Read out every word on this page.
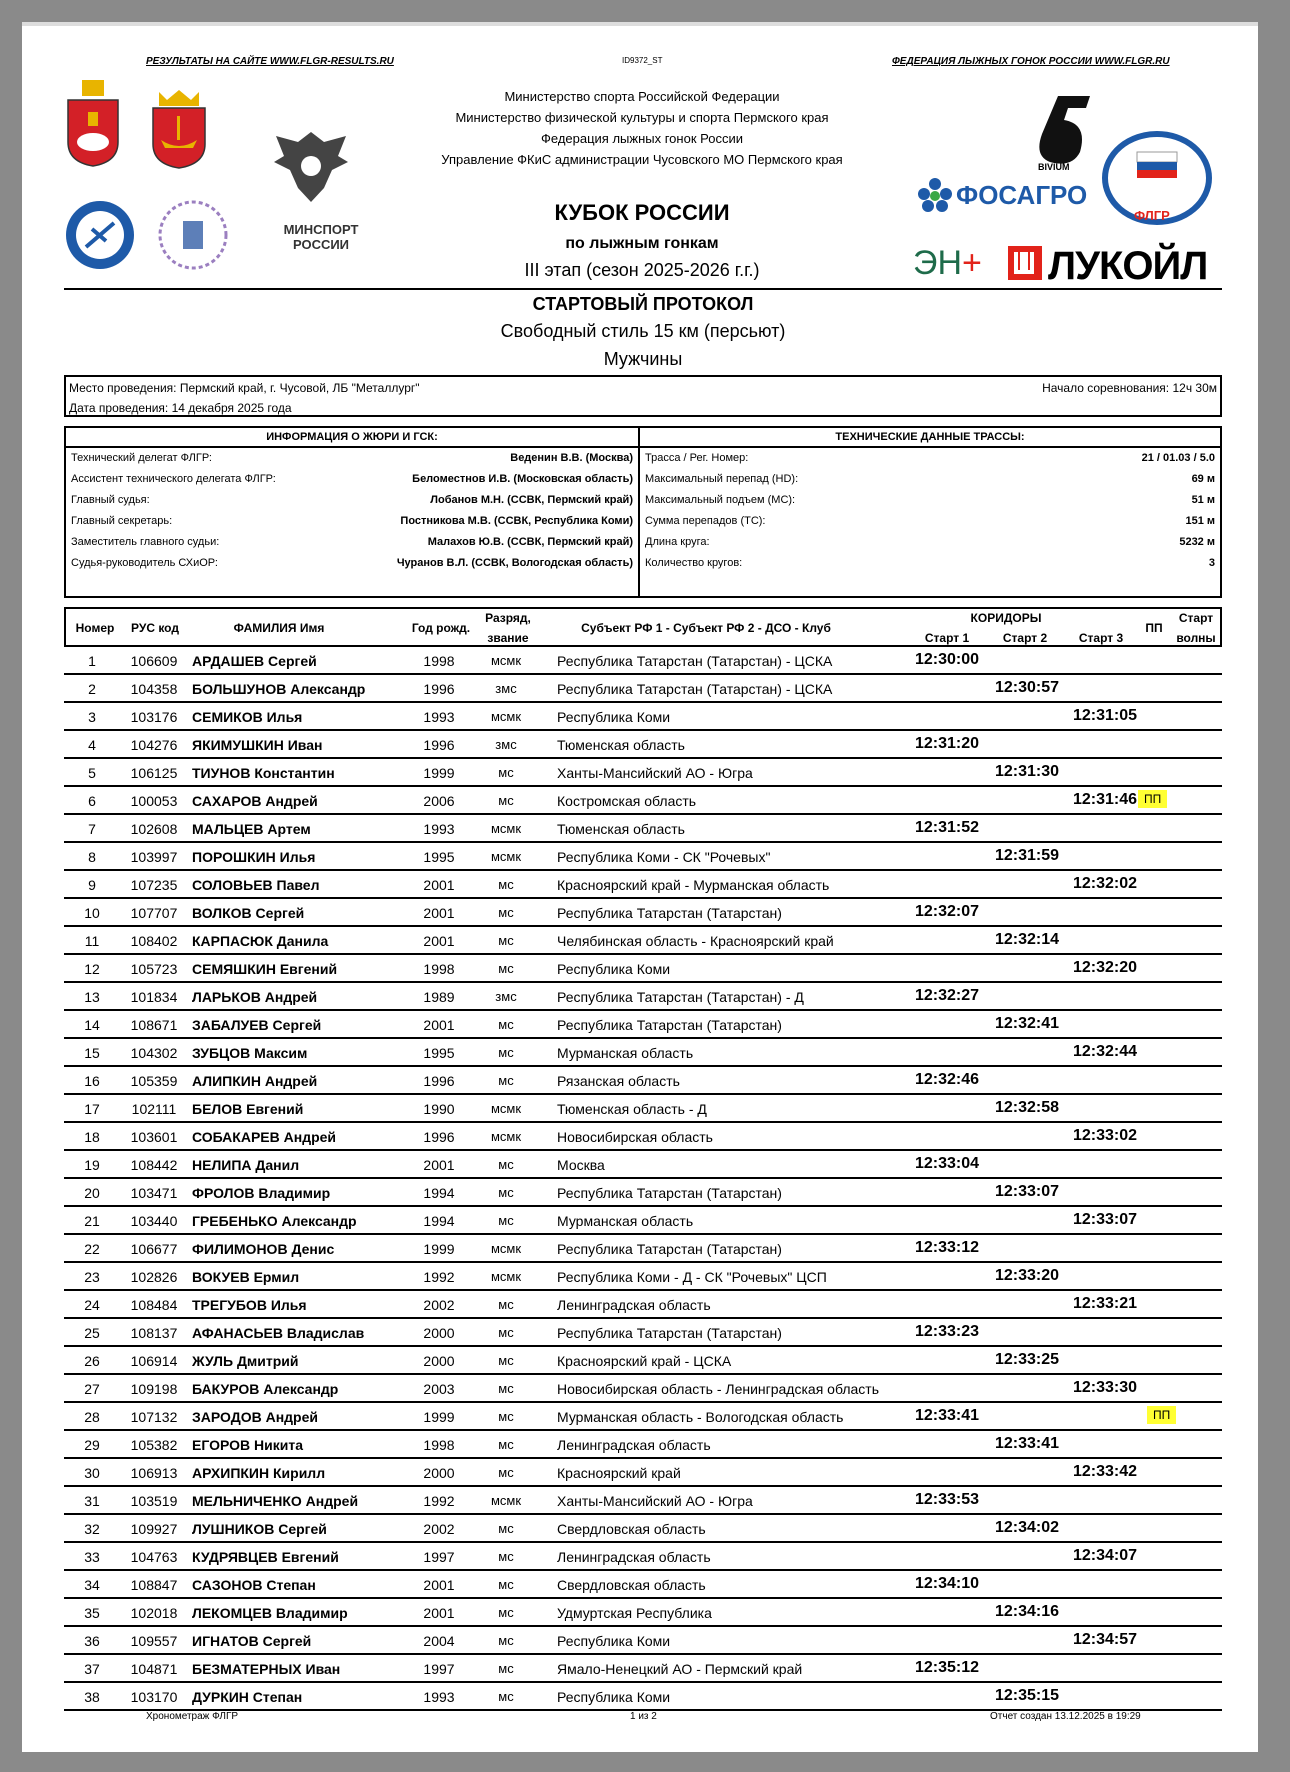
РЕЗУЛЬТАТЫ НА САЙТЕ WWW.FLGR-RESULTS.RU	ID9372_ST	ФЕДЕРАЦИЯ ЛЫЖНЫХ ГОНОК РОССИИ WWW.FLGR.RU
МИНСПОРТ РОССИИ
Министерство спорта Российской Федерации
Министерство физической культуры и спорта Пермского края
Федерация лыжных гонок России
Управление ФКиС администрации Чусовского МО Пермского края
КУБОК РОССИИ
по лыжным гонкам
III этап (сезон 2025-2026 г.г.)
BIVIUM
ФОСАГРО
ФЛГР
ЭН+ ЛУКОЙЛ
СТАРТОВЫЙ ПРОТОКОЛ
Свободный стиль 15 км (персьют)
Мужчины
Место проведения: Пермский край, г. Чусовой, ЛБ "Металлург"
Дата проведения: 14 декабря 2025 года
Начало соревнования: 12ч 30м
ИНФОРМАЦИЯ О ЖЮРИ И ГСК:
Технический делегат ФЛГР:	Веденин В.В. (Москва)
Ассистент технического делегата ФЛГР:	Беломестнов И.В. (Московская область)
Главный судья:	Лобанов М.Н. (ССВК, Пермский край)
Главный секретарь:	Постникова М.В. (ССВК, Республика Коми)
Заместитель главного судьи:	Малахов Ю.В. (ССВК, Пермский край)
Судья-руководитель СХиОР:	Чуранов В.Л. (ССВК, Вологодская область)
ТЕХНИЧЕСКИЕ ДАННЫЕ ТРАССЫ:
Трасса / Рег. Номер:	21 / 01.03 / 5.0
Максимальный перепад (HD):	69 м
Максимальный подъем (MC):	51 м
Сумма перепадов (TC):	151 м
Длина круга:	5232 м
Количество кругов:	3
Номер	РУС код	ФАМИЛИЯ Имя	Год рожд.
Разряд,
звание
Субъект РФ 1 - Субъект РФ 2 - ДСО - Клуб
КОРИДОРЫ
Старт 1	Старт 2	Старт 3
ПП
Старт
волны
1	106609	АРДАШЕВ Сергей	1998	мсмк	Республика Татарстан (Татарстан) - ЦСКА	12:30:00
2	104358	БОЛЬШУНОВ Александр	1996	змс	Республика Татарстан (Татарстан) - ЦСКА	12:30:57
3	103176	СЕМИКОВ Илья	1993	мсмк	Республика Коми	12:31:05
4	104276	ЯКИМУШКИН Иван	1996	змс	Тюменская область	12:31:20
5	106125	ТИУНОВ Константин	1999	мс	Ханты-Мансийский АО - Югра	12:31:30
6	100053	САХАРОВ Андрей	2006	мс	Костромская область	12:31:46 ПП
7	102608	МАЛЬЦЕВ Артем	1993	мсмк	Тюменская область	12:31:52
8	103997	ПОРОШКИН Илья	1995	мсмк	Республика Коми - СК "Рочевых"	12:31:59
9	107235	СОЛОВЬЕВ Павел	2001	мс	Красноярский край - Мурманская область	12:32:02
10	107707	ВОЛКОВ Сергей	2001	мс	Республика Татарстан (Татарстан)	12:32:07
11	108402	КАРПАСЮК Данила	2001	мс	Челябинская область - Красноярский край	12:32:14
12	105723	СЕМЯШКИН Евгений	1998	мс	Республика Коми	12:32:20
13	101834	ЛАРЬКОВ Андрей	1989	змс	Республика Татарстан (Татарстан) - Д	12:32:27
14	108671	ЗАБАЛУЕВ Сергей	2001	мс	Республика Татарстан (Татарстан)	12:32:41
15	104302	ЗУБЦОВ Максим	1995	мс	Мурманская область	12:32:44
16	105359	АЛИПКИН Андрей	1996	мс	Рязанская область	12:32:46
17	102111	БЕЛОВ Евгений	1990	мсмк	Тюменская область - Д	12:32:58
18	103601	СОБАКАРЕВ Андрей	1996	мсмк	Новосибирская область	12:33:02
19	108442	НЕЛИПА Данил	2001	мс	Москва	12:33:04
20	103471	ФРОЛОВ Владимир	1994	мс	Республика Татарстан (Татарстан)	12:33:07
21	103440	ГРЕБЕНЬКО Александр	1994	мс	Мурманская область	12:33:07
22	106677	ФИЛИМОНОВ Денис	1999	мсмк	Республика Татарстан (Татарстан)	12:33:12
23	102826	ВОКУЕВ Ермил	1992	мсмк	Республика Коми - Д - СК "Рочевых" ЦСП	12:33:20
24	108484	ТРЕГУБОВ Илья	2002	мс	Ленинградская область	12:33:21
25	108137	АФАНАСЬЕВ Владислав	2000	мс	Республика Татарстан (Татарстан)	12:33:23
26	106914	ЖУЛЬ Дмитрий	2000	мс	Красноярский край - ЦСКА	12:33:25
27	109198	БАКУРОВ Александр	2003	мс	Новосибирская область - Ленинградская область	12:33:30
28	107132	ЗАРОДОВ Андрей	1999	мс	Мурманская область - Вологодская область	12:33:41	ПП
29	105382	ЕГОРОВ Никита	1998	мс	Ленинградская область	12:33:41
30	106913	АРХИПКИН Кирилл	2000	мс	Красноярский край	12:33:42
31	103519	МЕЛЬНИЧЕНКО Андрей	1992	мсмк	Ханты-Мансийский АО - Югра	12:33:53
32	109927	ЛУШНИКОВ Сергей	2002	мс	Свердловская область	12:34:02
33	104763	КУДРЯВЦЕВ Евгений	1997	мс	Ленинградская область	12:34:07
34	108847	САЗОНОВ Степан	2001	мс	Свердловская область	12:34:10
35	102018	ЛЕКОМЦЕВ Владимир	2001	мс	Удмуртская Республика	12:34:16
36	109557	ИГНАТОВ Сергей	2004	мс	Республика Коми	12:34:57
37	104871	БЕЗМАТЕРНЫХ Иван	1997	мс	Ямало-Ненецкий АО - Пермский край	12:35:12
38	103170	ДУРКИН Степан	1993	мс	Республика Коми	12:35:15
Хронометраж ФЛГР	1 из 2	Отчет создан 13.12.2025 в 19:29
